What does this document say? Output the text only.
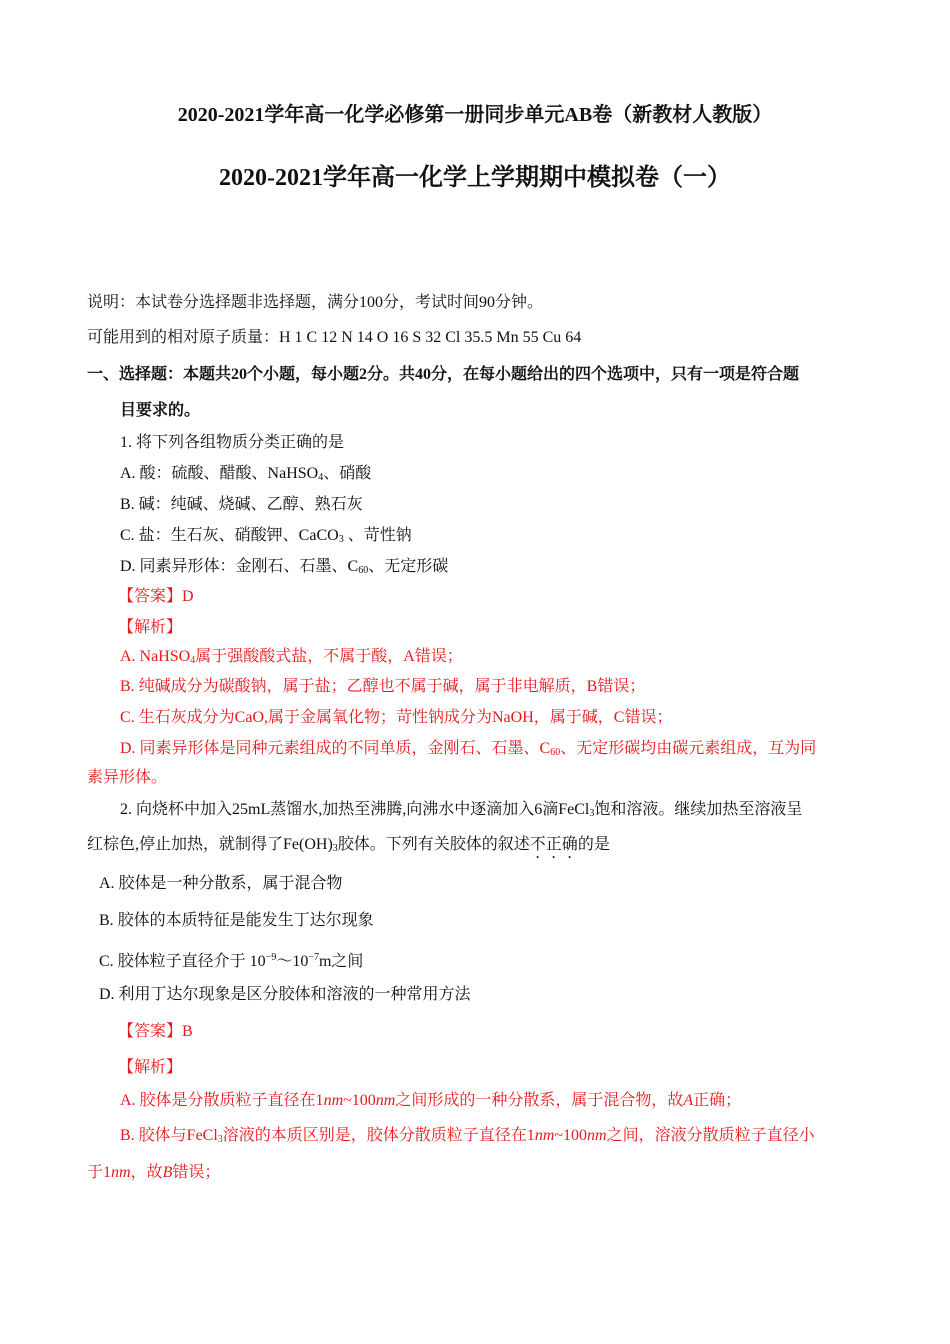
2020-2021学年高一化学必修第一册同步单元AB卷（新教材人教版）
2020-2021学年高一化学上学期期中模拟卷（一）
说明：本试卷分选择题非选择题，满分100分，考试时间90分钟。
可能用到的相对原子质量：H 1 C 12 N 14 O 16 S 32 Cl 35.5 Mn 55 Cu 64
一、选择题：本题共20个小题，每小题2分。共40分，在每小题给出的四个选项中，只有一项是符合题
目要求的。
1. 将下列各组物质分类正确的是
A. 酸：硫酸、醋酸、NaHSO$_4$、硝酸
B. 碱：纯碱、烧碱、乙醇、熟石灰
C. 盐：生石灰、硝酸钾、CaCO$_3$ 、苛性钠
D. 同素异形体：金刚石、石墨、$C_{60}$、无定形碳
【答案】D
【解析】
A. NaHSO$_4$属于强酸酸式盐，不属于酸，A错误；
B. 纯碱成分为碳酸钠，属于盐；乙醇也不属于碱，属于非电解质，B错误；
C. 生石灰成分为CaO,属于金属氧化物；苛性钠成分为NaOH，属于碱，C错误；
D. 同素异形体是同种元素组成的不同单质，金刚石、石墨、$C_{60}$、无定形碳均由碳元素组成，互为同
素异形体。
2. 向烧杯中加入25mL蒸馏水,加热至沸腾,向沸水中逐滴加入6滴FeCl$_3$饱和溶液。继续加热至溶液呈
红棕色,停止加热，就制得了$Fe(OH)_3$胶体。下列有关胶体的叙述不正确的是
A. 胶体是一种分散系，属于混合物
B. 胶体的本质特征是能发生丁达尔现象
C. 胶体粒子直径介于 $10^{-9}\sim 10^{-7}m$之间
D. 利用丁达尔现象是区分胶体和溶液的一种常用方法
【答案】B
【解析】
A. 胶体是分散质粒子直径在1nm~100nm之间形成的一种分散系，属于混合物，故A正确；
B. 胶体与FeCl$_3$溶液的本质区别是，胶体分散质粒子直径在1nm~100nm之间，溶液分散质粒子直径小
于1nm，故B错误；
